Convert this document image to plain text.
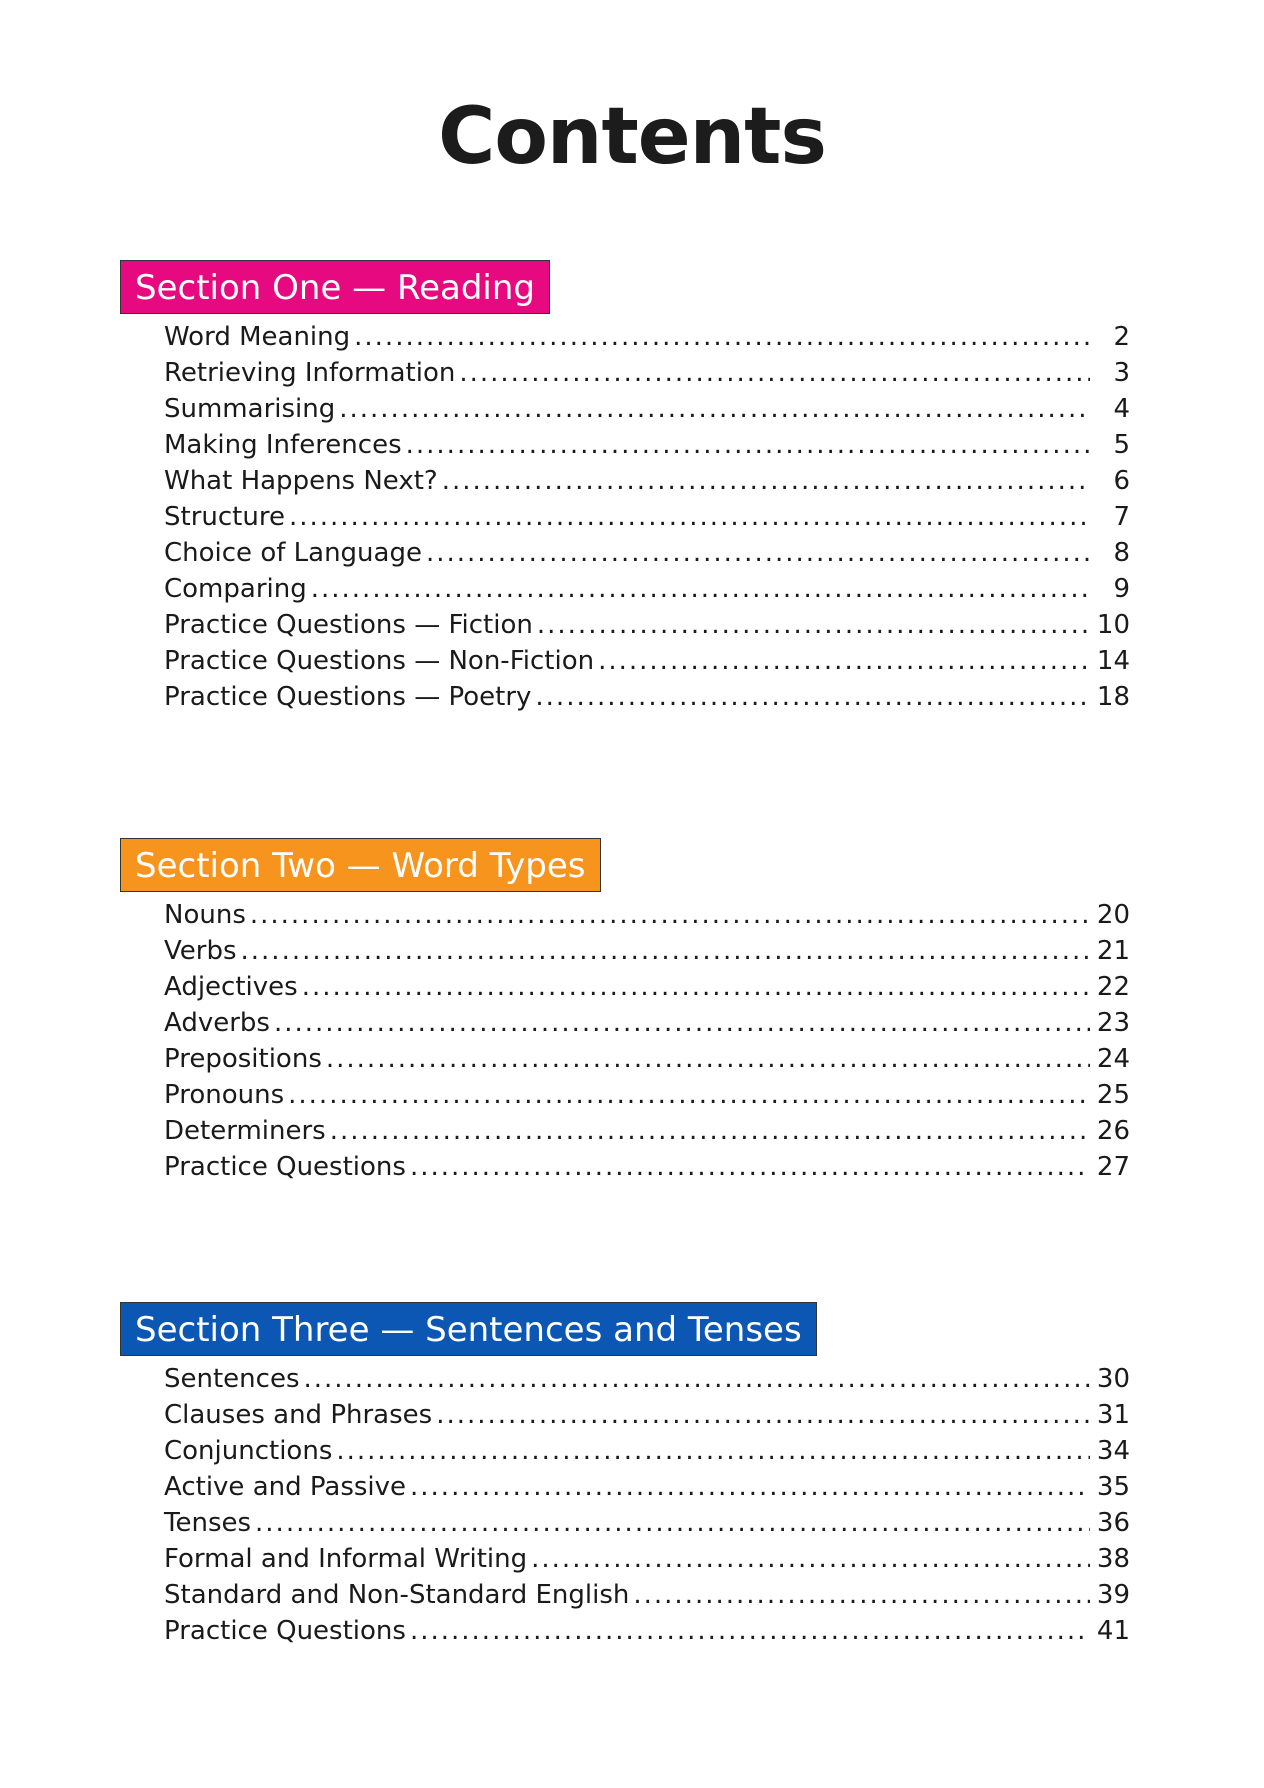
Contents
Section One — Reading
Word Meaning .....	2
Retrieving Information .....	3
Summarising .....	4
Making Inferences .....	5
What Happens Next? .....	6
Structure .....	7
Choice of Language .....	8
Comparing .....	9
Practice Questions — Fiction .....	10
Practice Questions — Non-Fiction .....	14
Practice Questions — Poetry .....	18
Section Two — Word Types
Nouns .....	20
Verbs .....	21
Adjectives .....	22
Adverbs .....	23
Prepositions .....	24
Pronouns .....	25
Determiners .....	26
Practice Questions .....	27
Section Three — Sentences and Tenses
Sentences .....	30
Clauses and Phrases .....	31
Conjunctions .....	34
Active and Passive .....	35
Tenses .....	36
Formal and Informal Writing .....	38
Standard and Non-Standard English .....	39
Practice Questions .....	41
